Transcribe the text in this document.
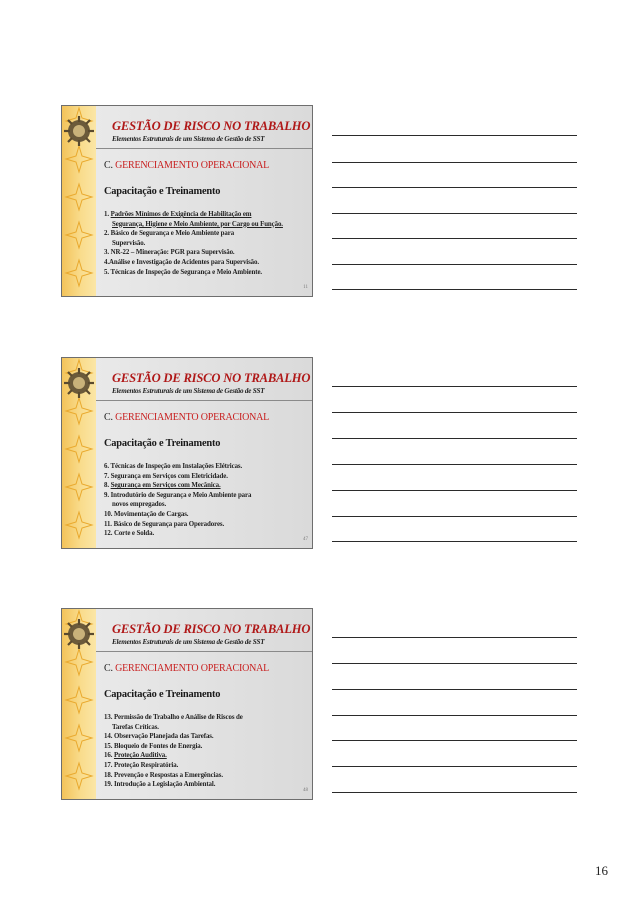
GESTÃO DE RISCO NO TRABALHO
Elementos Estruturais de um Sistema de Gestão de SST
C. GERENCIAMENTO OPERACIONAL
Capacitação e Treinamento
1. Padrões Mínimos de Exigência de Habilitação em
Segurança, Higiene e Meio Ambiente, por Cargo ou Função.
2. Básico de Segurança e Meio Ambiente para
Supervisão.
3. NR-22 – Mineração: PGR para Supervisão.
4.Análise e Investigação de Acidentes para Supervisão.
5. Técnicas de Inspeção de Segurança e Meio Ambiente.
11
GESTÃO DE RISCO NO TRABALHO
Elementos Estruturais de um Sistema de Gestão de SST
C. GERENCIAMENTO OPERACIONAL
Capacitação e Treinamento
6. Técnicas de Inspeção em Instalações Elétricas.
7. Segurança em Serviços com Eletricidade.
8. Segurança em Serviços com Mecânica.
9. Introdutório de Segurança e Meio Ambiente para
novos empregados.
10. Movimentação de Cargas.
11. Básico de Segurança para Operadores.
12. Corte e Solda.
47
GESTÃO DE RISCO NO TRABALHO
Elementos Estruturais de um Sistema de Gestão de SST
C. GERENCIAMENTO OPERACIONAL
Capacitação e Treinamento
13. Permissão de Trabalho e Análise de Riscos de
Tarefas Críticas.
14. Observação Planejada das Tarefas.
15. Bloqueio de Fontes de Energia.
16. Proteção Auditiva.
17. Proteção Respiratória.
18. Prevenção e Respostas a Emergências.
19. Introdução a Legislação Ambiental.
48
16
